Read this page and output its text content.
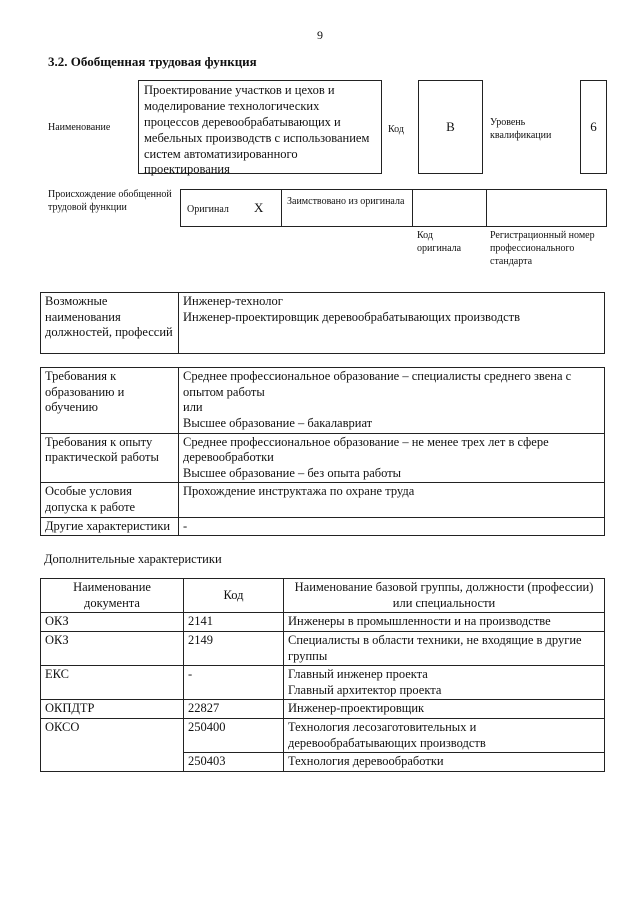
9
3.2. Обобщенная трудовая функция
Наименование
Проектирование участков и цехов и моделирование технологических процессов деревообрабатывающих и мебельных производств с использованием систем автоматизированного проектирования
Код	В	Уровень квалификации
6
Происхождение обобщенной трудовой функции	Оригинал X Заимствовано из оригинала
Код оригинала
Регистрационный номер профессионального стандарта
Возможные наименования должностей, профессий	
Инженер-технолог
Инженер-проектировщик деревообрабатывающих производств
Требования к образованию и обучению	Среднее профессиональное образование – специалисты среднего звена с опытом работы
или
Высшее образование – бакалавриат

Требования к опыту практической работы	Среднее профессиональное образование – не менее трех лет в сфере деревообработки
Высшее образование – без опыта работы

Особые условия допуска к работе	Прохождение инструктажа по охране труда

Другие характеристики	-
Дополнительные характеристики
Наименование документа	Код	Наименование базовой группы, должности (профессии) или специальности
ОКЗ	2141	Инженеры в промышленности и на производстве
ОКЗ	2149	Специалисты в области техники, не входящие в другие группы
ЕКС	-	Главный инженер проекта
Главный архитектор проекта
ОКПДТР	22827	Инженер-проектировщик
ОКСО	250400	Технология лесозаготовительных и деревообрабатывающих производств
	250403	Технология деревообработки
